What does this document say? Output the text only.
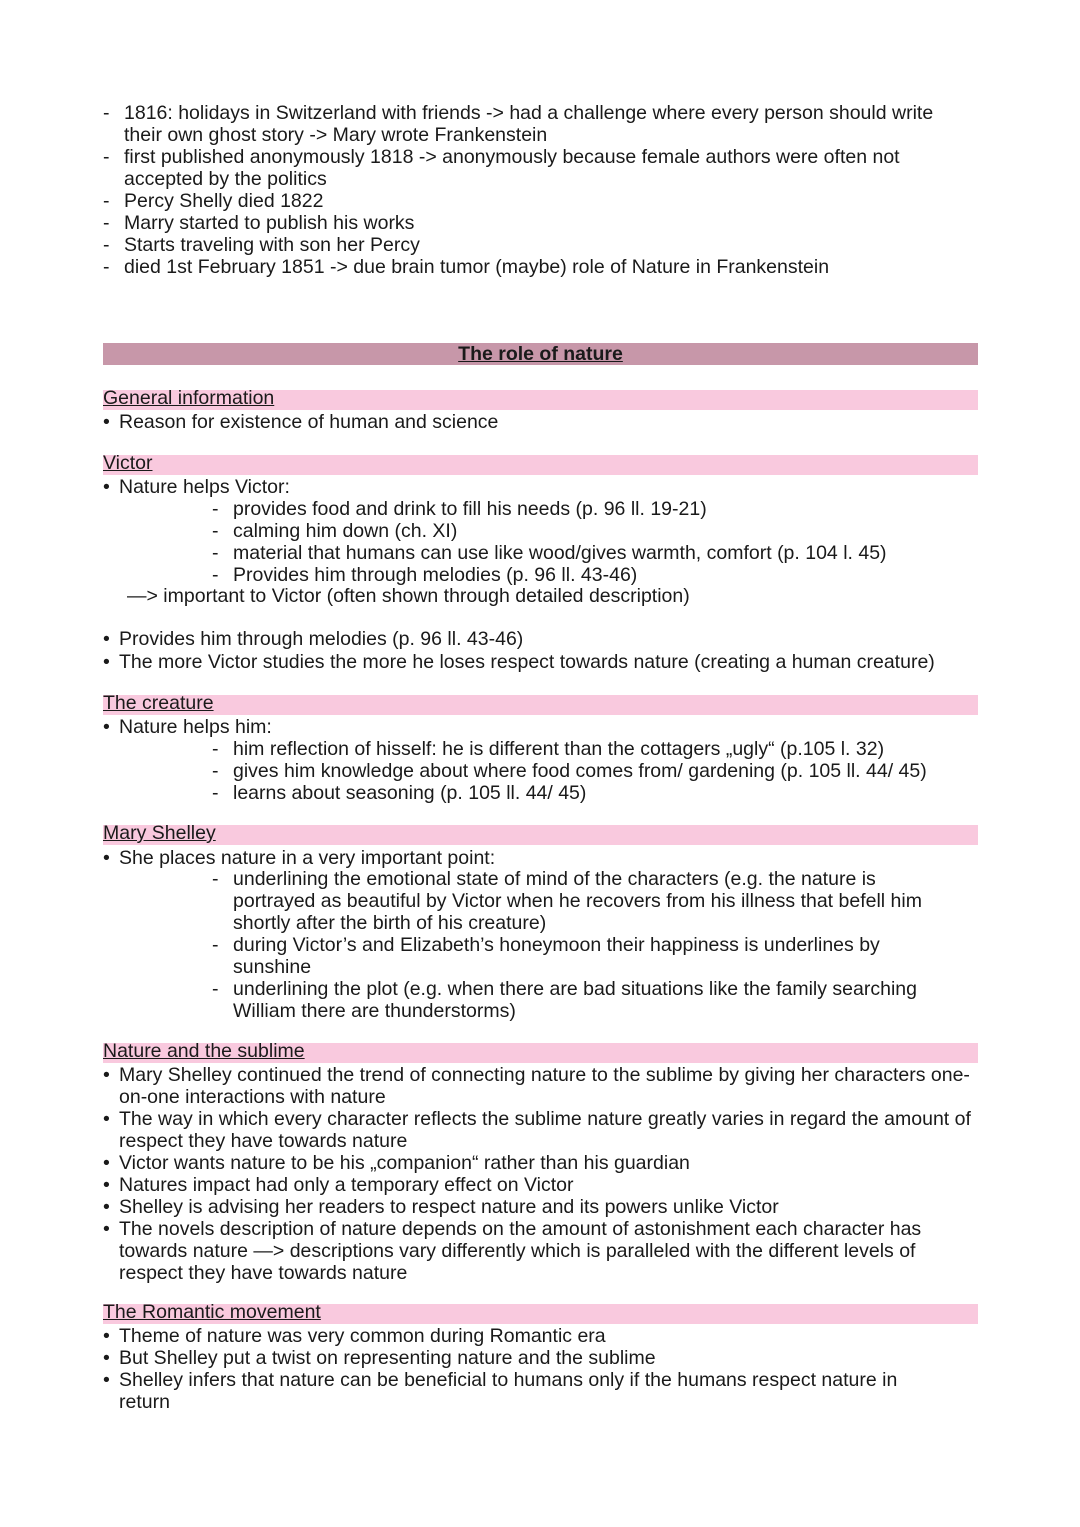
- 1816: holidays in Switzerland with friends -> had a challenge where every person should write their own ghost story -> Mary wrote Frankenstein
- first published anonymously 1818 -> anonymously because female authors were often not accepted by the politics
- Percy Shelly died 1822
- Marry started to publish his works
- Starts traveling with son her Percy
- died 1st February 1851 -> due brain tumor (maybe) role of Nature in Frankenstein
The role of nature
General information
• Reason for existence of human and science
Victor
• Nature helps Victor:
- provides food and drink to fill his needs (p. 96 ll. 19-21)
- calming him down (ch. XI)
- material that humans can use like wood/gives warmth, comfort (p. 104 l. 45)
- Provides him through melodies (p. 96 ll. 43-46)
—> important to Victor (often shown through detailed description)
• Provides him through melodies (p. 96 ll. 43-46)
• The more Victor studies the more he loses respect towards nature (creating a human creature)
The creature
• Nature helps him:
- him reflection of hisself: he is different than the cottagers „ugly“ (p.105 l. 32)
- gives him knowledge about where food comes from/ gardening (p. 105 ll. 44/ 45)
- learns about seasoning (p. 105 ll. 44/ 45)
Mary Shelley
• She places nature in a very important point:
- underlining the emotional state of mind of the characters (e.g. the nature is portrayed as beautiful by Victor when he recovers from his illness that befell him shortly after the birth of his creature)
- during Victor’s and Elizabeth’s honeymoon their happiness is underlines by sunshine
- underlining the plot (e.g. when there are bad situations like the family searching William there are thunderstorms)
Nature and the sublime
• Mary Shelley continued the trend of connecting nature to the sublime by giving her characters one-on-one interactions with nature
• The way in which every character reflects the sublime nature greatly varies in regard the amount of respect they have towards nature
• Victor wants nature to be his „companion“ rather than his guardian
• Natures impact had only a temporary effect on Victor
• Shelley is advising her readers to respect nature and its powers unlike Victor
• The novels description of nature depends on the amount of astonishment each character has towards nature —> descriptions vary differently which is paralleled with the different levels of respect they have towards nature
The Romantic movement
• Theme of nature was very common during Romantic era
• But Shelley put a twist on representing nature and the sublime
• Shelley infers that nature can be beneficial to humans only if the humans respect nature in return
